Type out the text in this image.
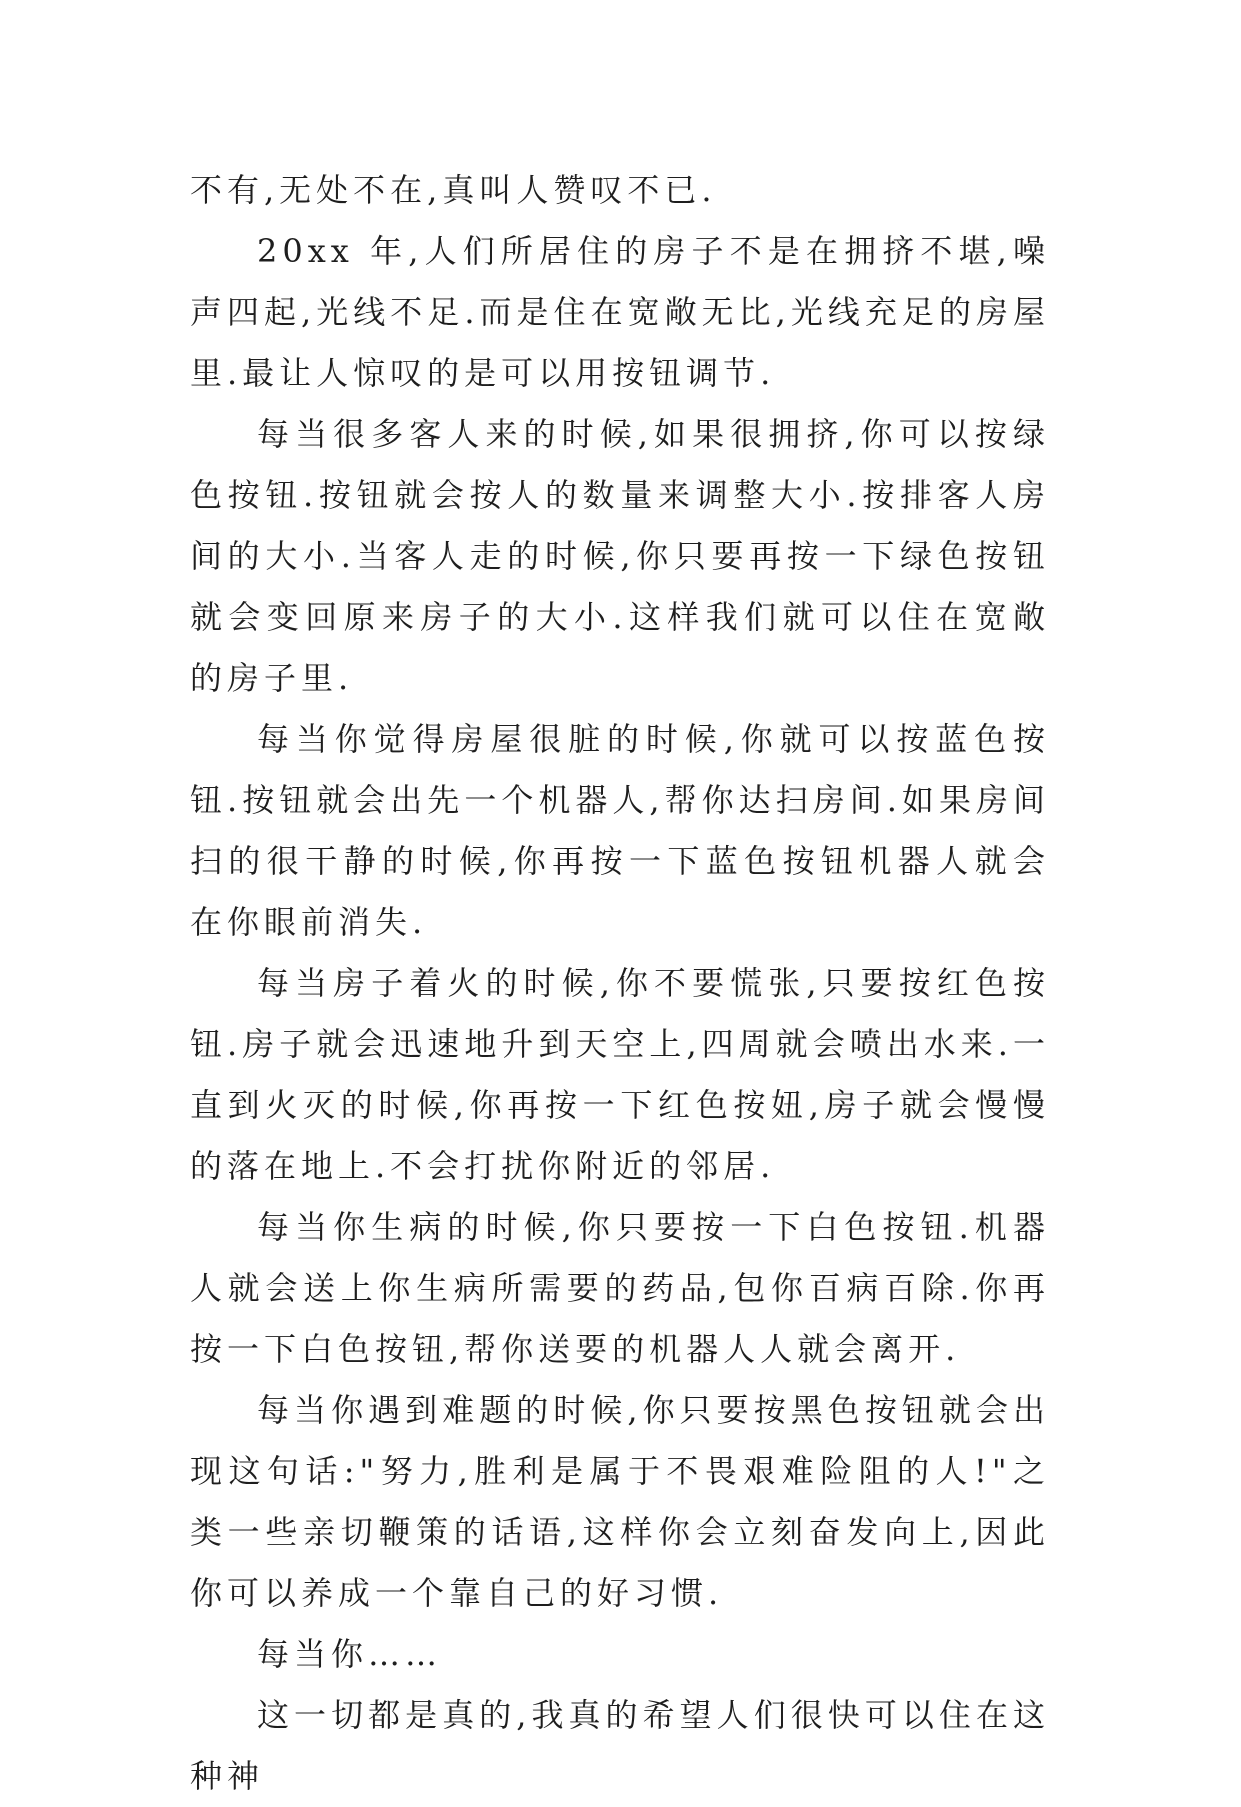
不有,无处不在,真叫人赞叹不已.

20xx 年,人们所居住的房子不是在拥挤不堪,噪声四起,光线不足.而是住在宽敞无比,光线充足的房屋里.最让人惊叹的是可以用按钮调节.

每当很多客人来的时候,如果很拥挤,你可以按绿色按钮.按钮就会按人的数量来调整大小.按排客人房间的大小.当客人走的时候,你只要再按一下绿色按钮就会变回原来房子的大小.这样我们就可以住在宽敞的房子里.

每当你觉得房屋很脏的时候,你就可以按蓝色按钮.按钮就会出先一个机器人,帮你达扫房间.如果房间扫的很干静的时候,你再按一下蓝色按钮机器人就会在你眼前消失.

每当房子着火的时候,你不要慌张,只要按红色按钮.房子就会迅速地升到天空上,四周就会喷出水来.一直到火灭的时候,你再按一下红色按妞,房子就会慢慢的落在地上.不会打扰你附近的邻居.

每当你生病的时候,你只要按一下白色按钮.机器人就会送上你生病所需要的药品,包你百病百除.你再按一下白色按钮,帮你送要的机器人人就会离开.

每当你遇到难题的时候,你只要按黑色按钮就会出现这句话:"努力,胜利是属于不畏艰难险阻的人!"之类一些亲切鞭策的话语,这样你会立刻奋发向上,因此你可以养成一个靠自己的好习惯.

每当你……

这一切都是真的,我真的希望人们很快可以住在这种神
